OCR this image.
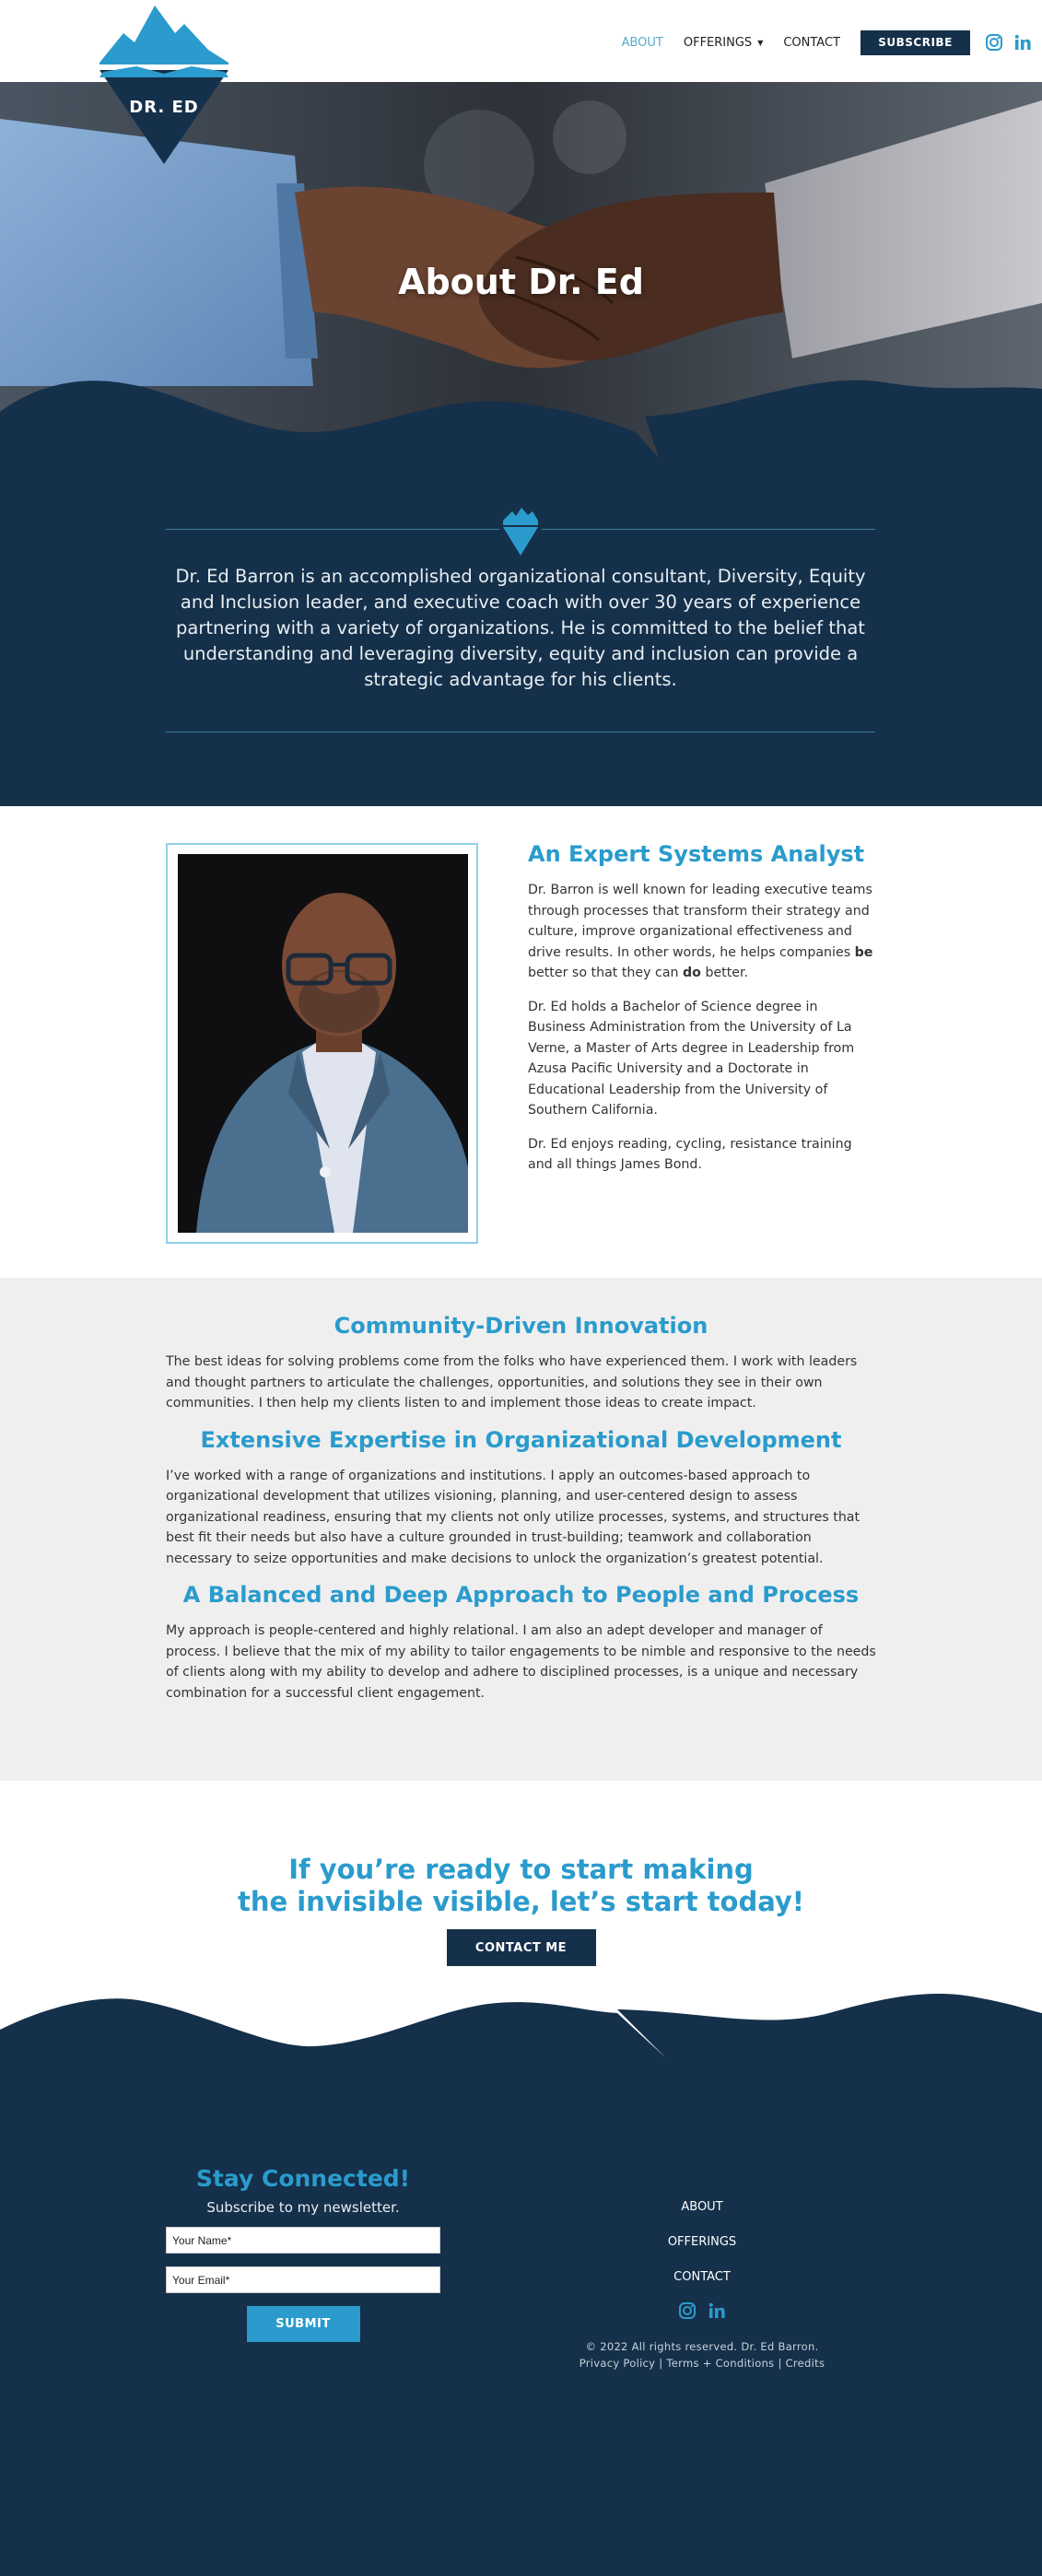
DR. ED
ABOUT OFFERINGS ▼ CONTACT	SUBSCRIBE
About Dr. Ed

Dr. Ed Barron is an accomplished organizational consultant, Diversity, Equity and Inclusion leader, and executive coach with over 30 years of experience partnering with a variety of organizations. He is committed to the belief that understanding and leveraging diversity, equity and inclusion can provide a strategic advantage for his clients.

An Expert Systems Analyst

Dr. Barron is well known for leading executive teams through processes that transform their strategy and culture, improve organizational effectiveness and drive results. In other words, he helps companies be better so that they can do better.

Dr. Ed holds a Bachelor of Science degree in Business Administration from the University of La Verne, a Master of Arts degree in Leadership from Azusa Pacific University and a Doctorate in Educational Leadership from the University of Southern California.

Dr. Ed enjoys reading, cycling, resistance training and all things James Bond.

Community-Driven Innovation

The best ideas for solving problems come from the folks who have experienced them. I work with leaders and thought partners to articulate the challenges, opportunities, and solutions they see in their own communities. I then help my clients listen to and implement those ideas to create impact.

Extensive Expertise in Organizational Development

I’ve worked with a range of organizations and institutions. I apply an outcomes-based approach to organizational development that utilizes visioning, planning, and user-centered design to assess organizational readiness, ensuring that my clients not only utilize processes, systems, and structures that best fit their needs but also have a culture grounded in trust-building; teamwork and collaboration necessary to seize opportunities and make decisions to unlock the organization’s greatest potential.

A Balanced and Deep Approach to People and Process

My approach is people-centered and highly relational. I am also an adept developer and manager of process. I believe that the mix of my ability to tailor engagements to be nimble and responsive to the needs of clients along with my ability to develop and adhere to disciplined processes, is a unique and necessary combination for a successful client engagement.

If you’re ready to start making
the invisible visible, let’s start today!
CONTACT ME
Stay Connected!

Subscribe to my newsletter.

Your Name*
Your Email* SUBMIT
ABOUT
OFFERINGS
CONTACT

© 2022 All rights reserved. Dr. Ed Barron.

Privacy Policy | Terms + Conditions | Credits
